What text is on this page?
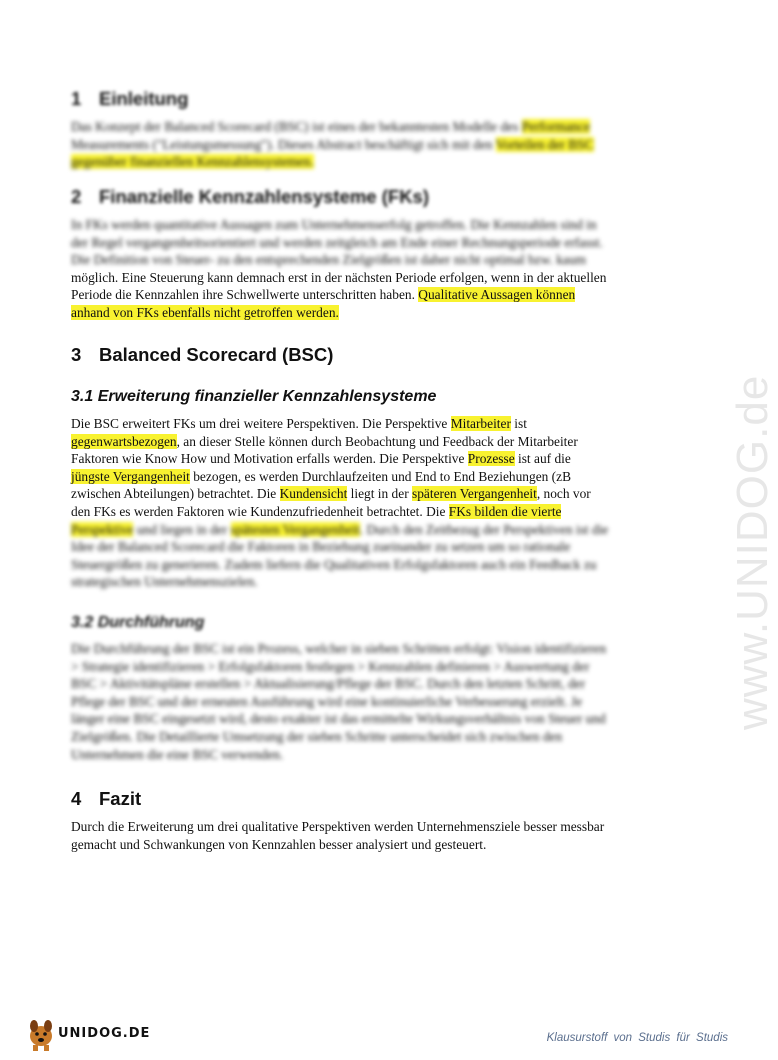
www.UNIDOG.de
1 Einleitung
Das Konzept der Balanced Scorecard (BSC) ist eines der bekanntesten Modelle des Performance
Measurements ("Leistungsmessung"). Dieses Abstract beschäftigt sich mit den Vorteilen der BSC
gegenüber finanziellen Kennzahlensystemen.
2 Finanzielle Kennzahlensysteme (FKs)
In FKs werden quantitative Aussagen zum Unternehmenserfolg getroffen. Die Kennzahlen sind in
der Regel vergangenheitsorientiert und werden zeitgleich am Ende einer Rechnungsperiode erfasst.
Die Definition von Steuer- zu den entsprechenden Zielgrößen ist daher nicht optimal bzw. kaum
möglich. Eine Steuerung kann demnach erst in der nächsten Periode erfolgen, wenn in der aktuellen
Periode die Kennzahlen ihre Schwellwerte unterschritten haben. Qualitative Aussagen können
anhand von FKs ebenfalls nicht getroffen werden.
3 Balanced Scorecard (BSC)
3.1 Erweiterung finanzieller Kennzahlensysteme
Die BSC erweitert FKs um drei weitere Perspektiven. Die Perspektive Mitarbeiter ist
gegenwartsbezogen, an dieser Stelle können durch Beobachtung und Feedback der Mitarbeiter
Faktoren wie Know How und Motivation erfalls werden. Die Perspektive Prozesse ist auf die
jüngste Vergangenheit bezogen, es werden Durchlaufzeiten und End to End Beziehungen (zB
zwischen Abteilungen) betrachtet. Die Kundensicht liegt in der späteren Vergangenheit, noch vor
den FKs es werden Faktoren wie Kundenzufriedenheit betrachtet. Die FKs bilden die vierte
Perspektive und liegen in der spätesten Vergangenheit. Durch den Zeitbezug der Perspektiven ist die
Idee der Balanced Scorecard die Faktoren in Beziehung zueinander zu setzen um so rationale
Steuergrößen zu generieren. Zudem liefern die Qualitativen Erfolgsfaktoren auch ein Feedback zu
strategischen Unternehmenszielen.
3.2 Durchführung
Die Durchführung der BSC ist ein Prozess, welcher in sieben Schritten erfolgt: Vision identifizieren
> Strategie identifizieren > Erfolgsfaktoren festlegen > Kennzahlen definieren > Auswertung der
BSC > Aktivitätspläne erstellen > Aktualisierung/Pflege der BSC. Durch den letzten Schritt, der
Pflege der BSC und der erneuten Ausführung wird eine kontinuierliche Verbesserung erzielt. Je
länger eine BSC eingesetzt wird, desto exakter ist das ermittelte Wirkungsverhältnis von Steuer und
Zielgrößen. Die Detaillierte Umsetzung der sieben Schritte unterscheidet sich zwischen den
Unternehmen die eine BSC verwenden.
4 Fazit
Durch die Erweiterung um drei qualitative Perspektiven werden Unternehmensziele besser messbar
gemacht und Schwankungen von Kennzahlen besser analysiert und gesteuert.
UNIDOG.DE	Klausurstoff von Studis für Studis
